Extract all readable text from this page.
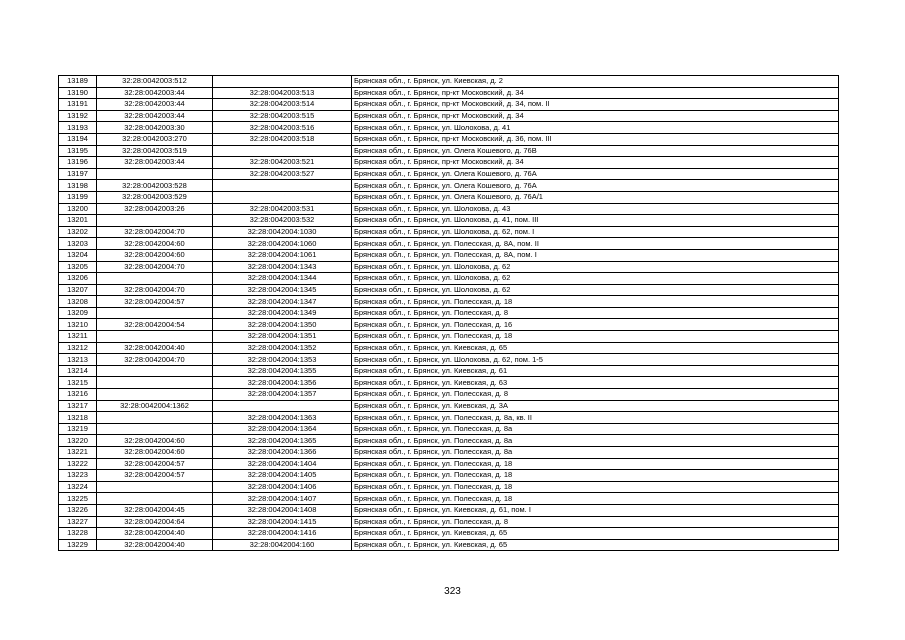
13189	32:28:0042003:512		Брянская обл., г. Брянск, ул. Киевская, д. 2
13190	32:28:0042003:44	32:28:0042003:513	Брянская обл., г. Брянск, пр-кт Московский, д. 34
13191	32:28:0042003:44	32:28:0042003:514	Брянская обл., г. Брянск, пр-кт Московский, д. 34, пом. II
13192	32:28:0042003:44	32:28:0042003:515	Брянская обл., г. Брянск, пр-кт Московский, д. 34
13193	32:28:0042003:30	32:28:0042003:516	Брянская обл., г. Брянск, ул. Шолохова, д. 41
13194	32:28:0042003:270	32:28:0042003:518	Брянская обл., г. Брянск, пр-кт Московский, д. 36, пом. III
13195	32:28:0042003:519		Брянская обл., г. Брянск, ул. Олега Кошевого, д. 76В
13196	32:28:0042003:44	32:28:0042003:521	Брянская обл., г. Брянск, пр-кт Московский, д. 34
13197		32:28:0042003:527	Брянская обл., г. Брянск, ул. Олега Кошевого, д. 76А
13198	32:28:0042003:528		Брянская обл., г. Брянск, ул. Олега Кошевого, д. 76А
13199	32:28:0042003:529		Брянская обл., г. Брянск, ул. Олега Кошевого, д. 76А/1
13200	32:28:0042003:26	32:28:0042003:531	Брянская обл., г. Брянск, ул. Шолохова, д. 43
13201		32:28:0042003:532	Брянская обл., г. Брянск, ул. Шолохова, д. 41, пом. III
13202	32:28:0042004:70	32:28:0042004:1030	Брянская обл., г. Брянск, ул. Шолохова, д. 62, пом. I
13203	32:28:0042004:60	32:28:0042004:1060	Брянская обл., г. Брянск, ул. Полесская, д. 8А, пом. II
13204	32:28:0042004:60	32:28:0042004:1061	Брянская обл., г. Брянск, ул. Полесская, д. 8А, пом. I
13205	32:28:0042004:70	32:28:0042004:1343	Брянская обл., г. Брянск, ул. Шолохова, д. 62
13206		32:28:0042004:1344	Брянская обл., г. Брянск, ул. Шолохова, д. 62
13207	32:28:0042004:70	32:28:0042004:1345	Брянская обл., г. Брянск, ул. Шолохова, д. 62
13208	32:28:0042004:57	32:28:0042004:1347	Брянская обл., г. Брянск, ул. Полесская, д. 18
13209		32:28:0042004:1349	Брянская обл., г. Брянск, ул. Полесская, д. 8
13210	32:28:0042004:54	32:28:0042004:1350	Брянская обл., г. Брянск, ул. Полесская, д. 16
13211		32:28:0042004:1351	Брянская обл., г. Брянск, ул. Полесская, д. 18
13212	32:28:0042004:40	32:28:0042004:1352	Брянская обл., г. Брянск, ул. Киевская, д. 65
13213	32:28:0042004:70	32:28:0042004:1353	Брянская обл., г. Брянск, ул. Шолохова, д. 62, пом. 1-5
13214		32:28:0042004:1355	Брянская обл., г. Брянск, ул. Киевская, д. 61
13215		32:28:0042004:1356	Брянская обл., г. Брянск, ул. Киевская, д. 63
13216		32:28:0042004:1357	Брянская обл., г. Брянск, ул. Полесская, д. 8
13217	32:28:0042004:1362		Брянская обл., г. Брянск, ул. Киевская, д. 3А
13218		32:28:0042004:1363	Брянская обл., г. Брянск, ул. Полесская, д. 8а, кв. II
13219		32:28:0042004:1364	Брянская обл., г. Брянск, ул. Полесская, д. 8а
13220	32:28:0042004:60	32:28:0042004:1365	Брянская обл., г. Брянск, ул. Полесская, д. 8а
13221	32:28:0042004:60	32:28:0042004:1366	Брянская обл., г. Брянск, ул. Полесская, д. 8а
13222	32:28:0042004:57	32:28:0042004:1404	Брянская обл., г. Брянск, ул. Полесская, д. 18
13223	32:28:0042004:57	32:28:0042004:1405	Брянская обл., г. Брянск, ул. Полесская, д. 18
13224		32:28:0042004:1406	Брянская обл., г. Брянск, ул. Полесская, д. 18
13225		32:28:0042004:1407	Брянская обл., г. Брянск, ул. Полесская, д. 18
13226	32:28:0042004:45	32:28:0042004:1408	Брянская обл., г. Брянск, ул. Киевская, д. 61, пом. I
13227	32:28:0042004:64	32:28:0042004:1415	Брянская обл., г. Брянск, ул. Полесская, д. 8
13228	32:28:0042004:40	32:28:0042004:1416	Брянская обл., г. Брянск, ул. Киевская, д. 65
13229	32:28:0042004:40	32:28:0042004:160	Брянская обл., г. Брянск, ул. Киевская, д. 65
323
